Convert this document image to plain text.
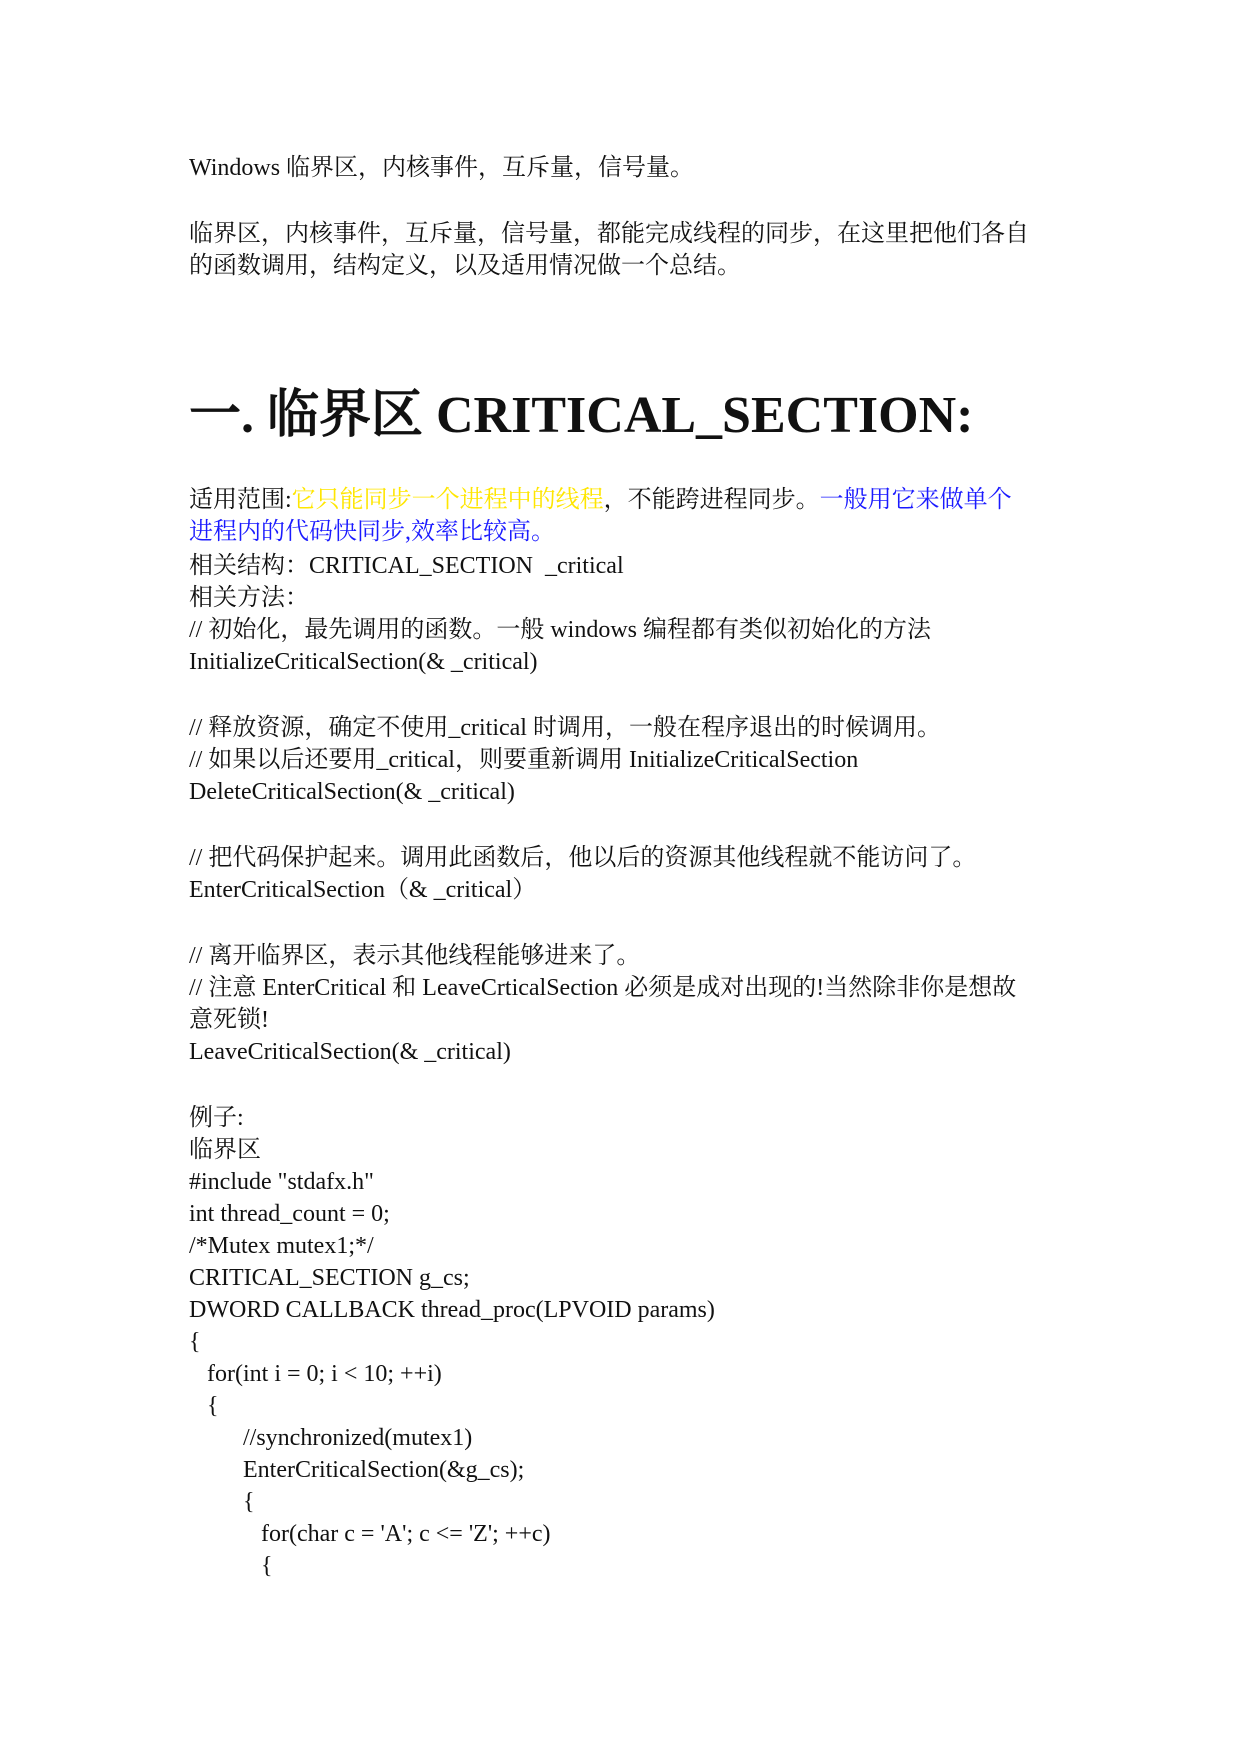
Windows 临界区，内核事件，互斥量，信号量。
临界区，内核事件，互斥量，信号量，都能完成线程的同步，在这里把他们各自
的函数调用，结构定义，以及适用情况做一个总结。
一. 临界区 CRITICAL_SECTION:
适用范围:它只能同步一个进程中的线程，不能跨进程同步。一般用它来做单个
进程内的代码快同步,效率比较高。
相关结构：CRITICAL_SECTION  _critical
相关方法：
// 初始化，最先调用的函数。一般 windows 编程都有类似初始化的方法
InitializeCriticalSection(& _critical)
// 释放资源，确定不使用_critical 时调用，一般在程序退出的时候调用。
// 如果以后还要用_critical，则要重新调用 InitializeCriticalSection
DeleteCriticalSection(& _critical)
// 把代码保护起来。调用此函数后，他以后的资源其他线程就不能访问了。
EnterCriticalSection（& _critical）
// 离开临界区，表示其他线程能够进来了。
// 注意 EnterCritical 和 LeaveCrticalSection 必须是成对出现的!当然除非你是想故
意死锁!
LeaveCriticalSection(& _critical)
例子:
临界区
#include "stdafx.h"
int thread_count = 0;
/*Mutex mutex1;*/
CRITICAL_SECTION g_cs;
DWORD CALLBACK thread_proc(LPVOID params)
{
for(int i = 0; i < 10; ++i)
{
//synchronized(mutex1)
EnterCriticalSection(&g_cs);
{
for(char c = 'A'; c <= 'Z'; ++c)
{
